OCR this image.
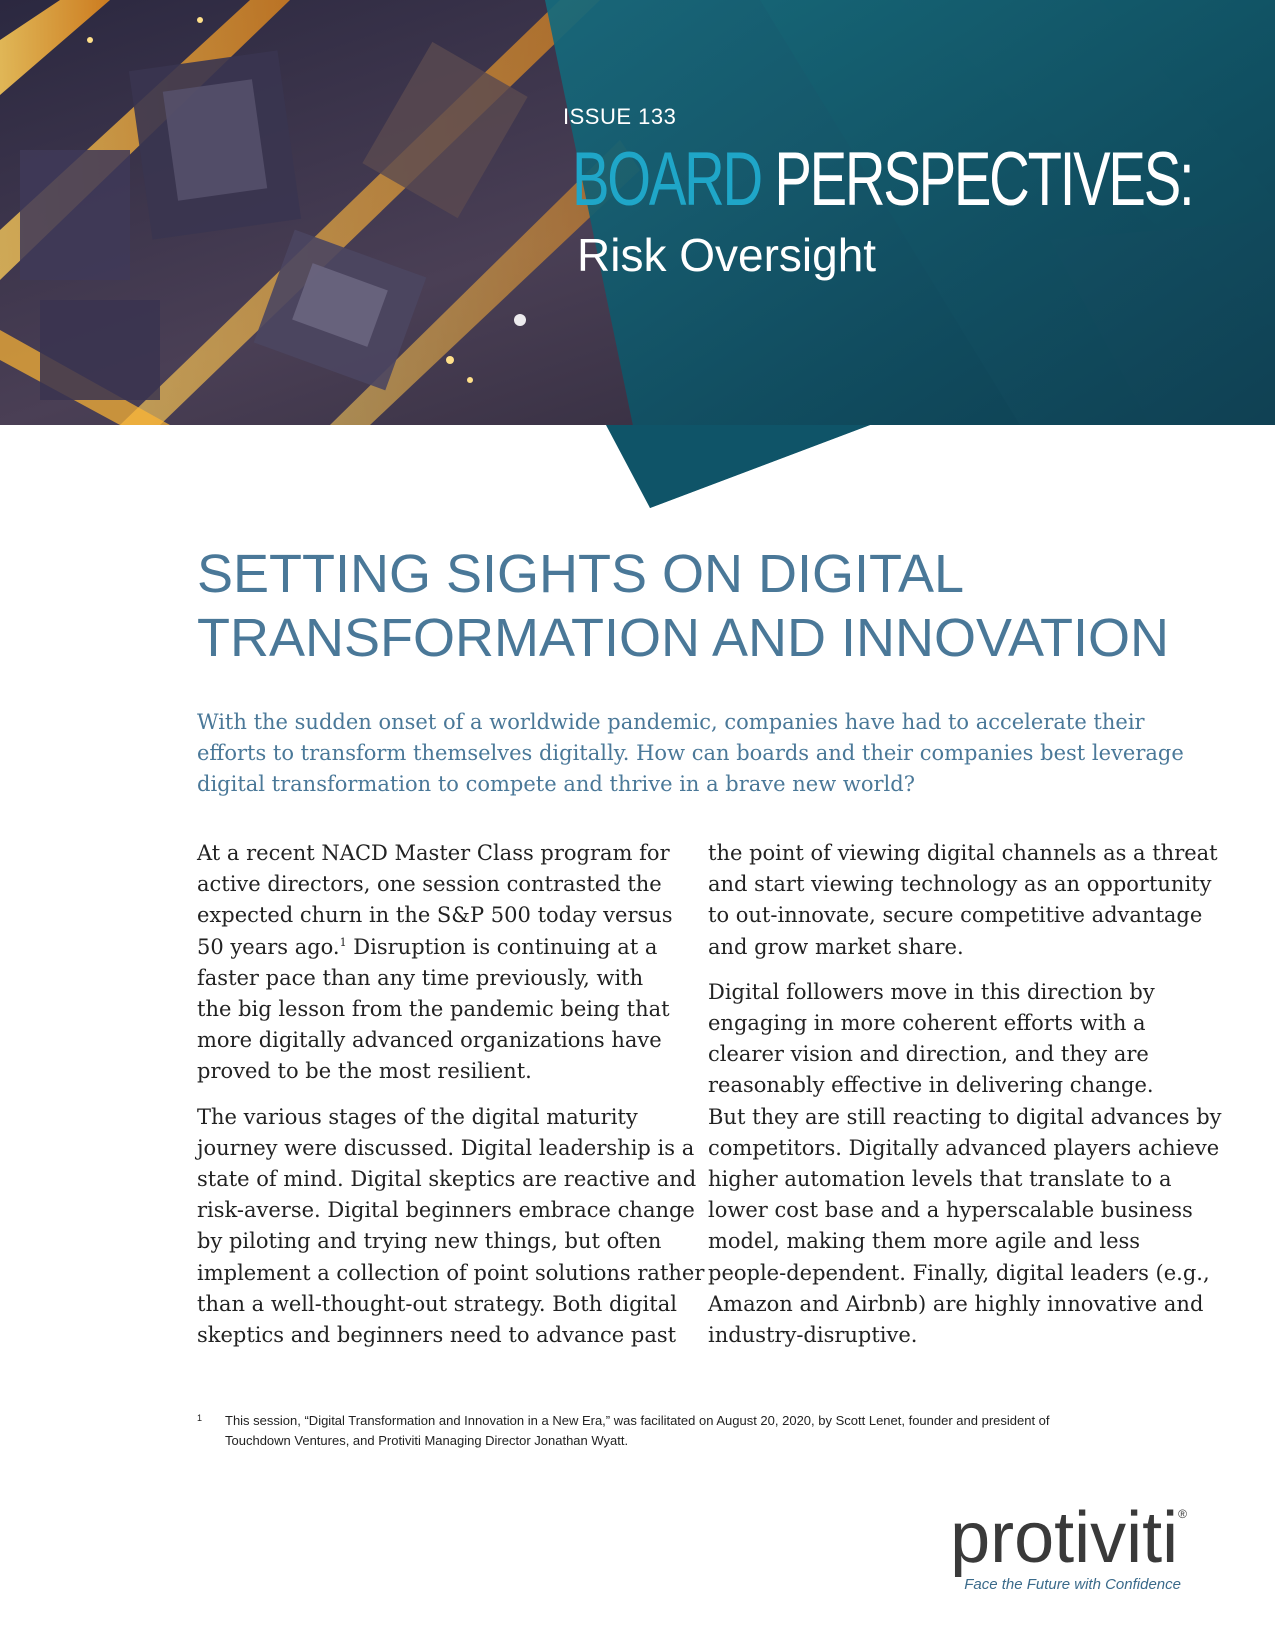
ISSUE 133
BOARD PERSPECTIVES:
Risk Oversight
SETTING SIGHTS ON DIGITAL
TRANSFORMATION AND INNOVATION

With the sudden onset of a worldwide pandemic, companies have had to accelerate their
efforts to transform themselves digitally. How can boards and their companies best leverage
digital transformation to compete and thrive in a brave new world?

At a recent NACD Master Class program for
active directors, one session contrasted the
expected churn in the S&P 500 today versus
50 years ago.$^1$ Disruption is continuing at a
faster pace than any time previously, with
the big lesson from the pandemic being that
more digitally advanced organizations have
proved to be the most resilient.

The various stages of the digital maturity
journey were discussed. Digital leadership is a
state of mind. Digital skeptics are reactive and
risk-averse. Digital beginners embrace change
by piloting and trying new things, but often
implement a collection of point solutions rather
than a well-thought-out strategy. Both digital
skeptics and beginners need to advance past

the point of viewing digital channels as a threat
and start viewing technology as an opportunity
to out-innovate, secure competitive advantage
and grow market share.

Digital followers move in this direction by
engaging in more coherent efforts with a
clearer vision and direction, and they are
reasonably effective in delivering change.
But they are still reacting to digital advances by
competitors. Digitally advanced players achieve
higher automation levels that translate to a
lower cost base and a hyperscalable business
model, making them more agile and less
people-dependent. Finally, digital leaders (e.g.,
Amazon and Airbnb) are highly innovative and
industry-disruptive.

1 This session, “Digital Transformation and Innovation in a New Era,” was facilitated on August 20, 2020, by Scott Lenet, founder and president of
Touchdown Ventures, and Protiviti Managing Director Jonathan Wyatt.
protiviti®
Face the Future with Confidence
